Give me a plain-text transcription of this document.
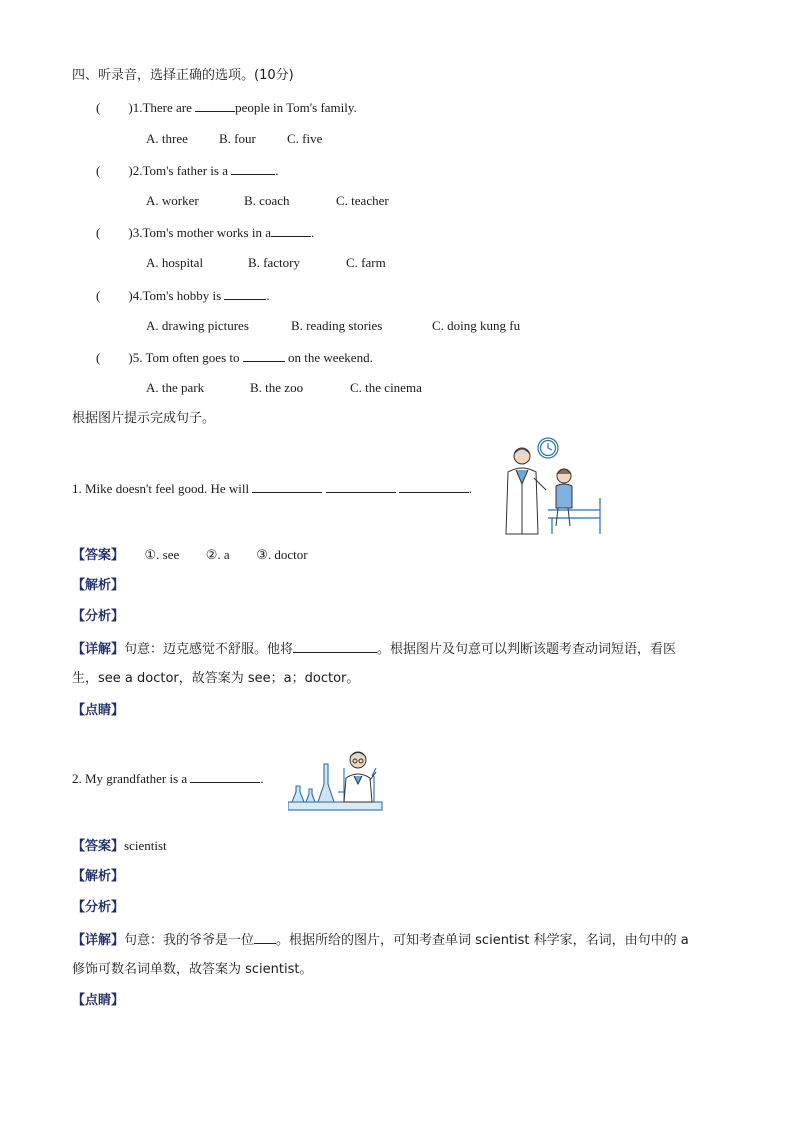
四、听录音，选择正确的选项。(10分)
( )1.There are	people in Tom's family.
A. three B. four C. five
( )2.Tom's father is a	.
A. worker	B. coach	C. teacher
( )3.Tom's mother works in a	.
A. hospital	B. factory	C. farm
( )4.Tom's hobby is	.
A. drawing pictures	B. reading stories	C. doing kung fu
( )5. Tom often goes to	on the weekend.
A. the park	B. the zoo	C. the cinema
根据图片提示完成句子。
1. Mike doesn't feel good. He will	.
【答案】 ①. see ②. a ③. doctor
【解析】
【分析】
【详解】句意：迈克感觉不舒服。他将	。根据图片及句意可以判断该题考查动词短语，看医
生，see a doctor，故答案为 see；a；doctor。
【点睛】
2. My grandfather is a	.
【答案】scientist
【解析】
【分析】
【详解】句意：我的爷爷是一位 。根据所给的图片，可知考查单词 scientist 科学家，名词，由句中的 a
修饰可数名词单数，故答案为 scientist。
【点睛】
